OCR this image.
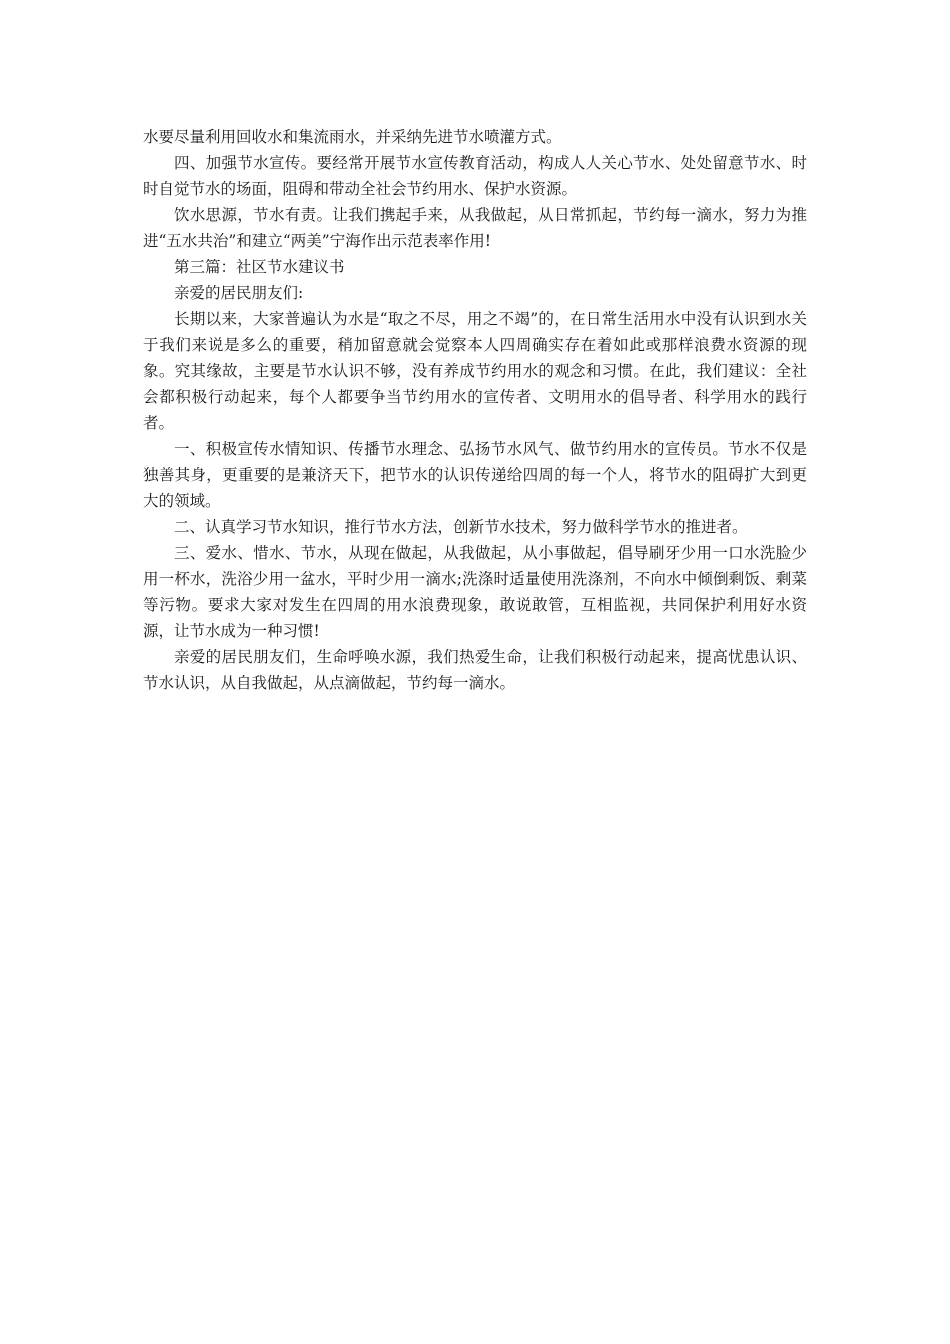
水要尽量利用回收水和集流雨水，并采纳先进节水喷灌方式。

四、加强节水宣传。要经常开展节水宣传教育活动，构成人人关心节水、处处留意节水、时时自觉节水的场面，阻碍和带动全社会节约用水、保护水资源。

饮水思源，节水有责。让我们携起手来，从我做起，从日常抓起，节约每一滴水，努力为推进“五水共治”和建立“两美”宁海作出示范表率作用!

第三篇：社区节水建议书

亲爱的居民朋友们:

长期以来，大家普遍认为水是“取之不尽，用之不竭”的，在日常生活用水中没有认识到水关于我们来说是多么的重要，稍加留意就会觉察本人四周确实存在着如此或那样浪费水资源的现象。究其缘故，主要是节水认识不够，没有养成节约用水的观念和习惯。在此，我们建议：全社会都积极行动起来，每个人都要争当节约用水的宣传者、文明用水的倡导者、科学用水的践行者。

一、积极宣传水情知识、传播节水理念、弘扬节水风气、做节约用水的宣传员。节水不仅是独善其身，更重要的是兼济天下，把节水的认识传递给四周的每一个人，将节水的阻碍扩大到更大的领域。

二、认真学习节水知识，推行节水方法，创新节水技术，努力做科学节水的推进者。

三、爱水、惜水、节水，从现在做起，从我做起，从小事做起，倡导刷牙少用一口水洗脸少用一杯水，洗浴少用一盆水，平时少用一滴水;洗涤时适量使用洗涤剂，不向水中倾倒剩饭、剩菜等污物。要求大家对发生在四周的用水浪费现象，敢说敢管，互相监视，共同保护利用好水资源，让节水成为一种习惯!

亲爱的居民朋友们，生命呼唤水源，我们热爱生命，让我们积极行动起来，提高忧患认识、节水认识，从自我做起，从点滴做起，节约每一滴水。
